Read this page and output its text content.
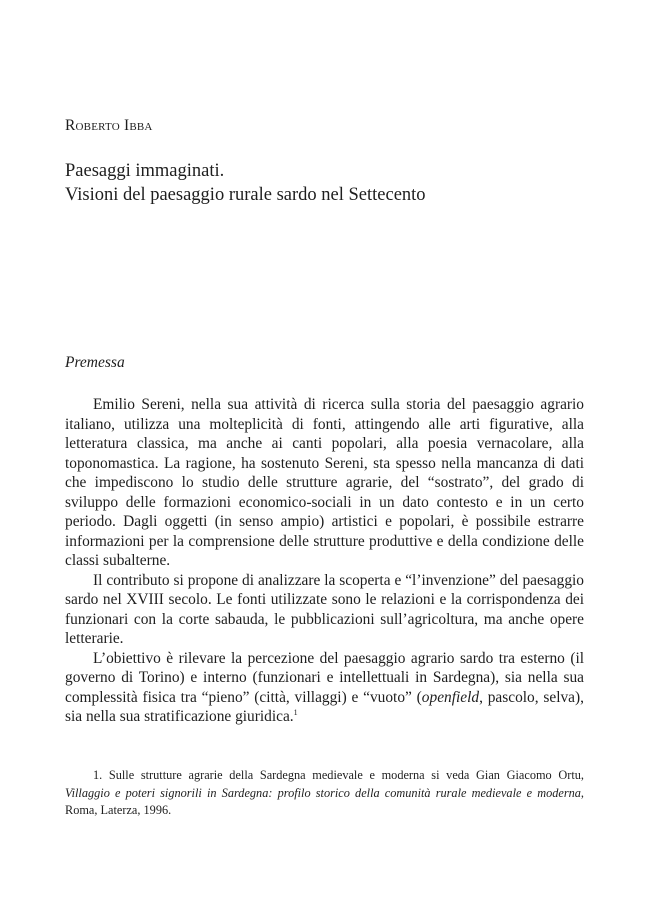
Roberto Ibba

Paesaggi immaginati.
Visioni del paesaggio rurale sardo nel Settecento
Premessa

Emilio Sereni, nella sua attività di ricerca sulla storia del paesaggio agrario italiano, utilizza una molteplicità di fonti, attingendo alle arti figurative, alla letteratura classica, ma anche ai canti popolari, alla poesia vernacolare, alla toponomastica. La ragione, ha sostenuto Sereni, sta spesso nella mancanza di dati che impediscono lo studio delle strutture agrarie, del “sostrato”, del grado di sviluppo delle formazioni economico-sociali in un dato contesto e in un certo periodo. Dagli oggetti (in senso ampio) artistici e popolari, è possibile estrarre informazioni per la comprensione delle strutture produttive e della condizione delle classi subalterne.

Il contributo si propone di analizzare la scoperta e “l’invenzione” del paesaggio sardo nel XVIII secolo. Le fonti utilizzate sono le relazioni e la corrispondenza dei funzionari con la corte sabauda, le pubblicazioni sull’agricoltura, ma anche opere letterarie.

L’obiettivo è rilevare la percezione del paesaggio agrario sardo tra esterno (il governo di Torino) e interno (funzionari e intellettuali in Sardegna), sia nella sua complessità fisica tra “pieno” (città, villaggi) e “vuoto” (openfield, pascolo, selva), sia nella sua stratificazione giuridica.$^1$

1. Sulle strutture agrarie della Sardegna medievale e moderna si veda Gian Giacomo Ortu, Villaggio e poteri signorili in Sardegna: profilo storico della comunità rurale medievale e moderna, Roma, Laterza, 1996.
